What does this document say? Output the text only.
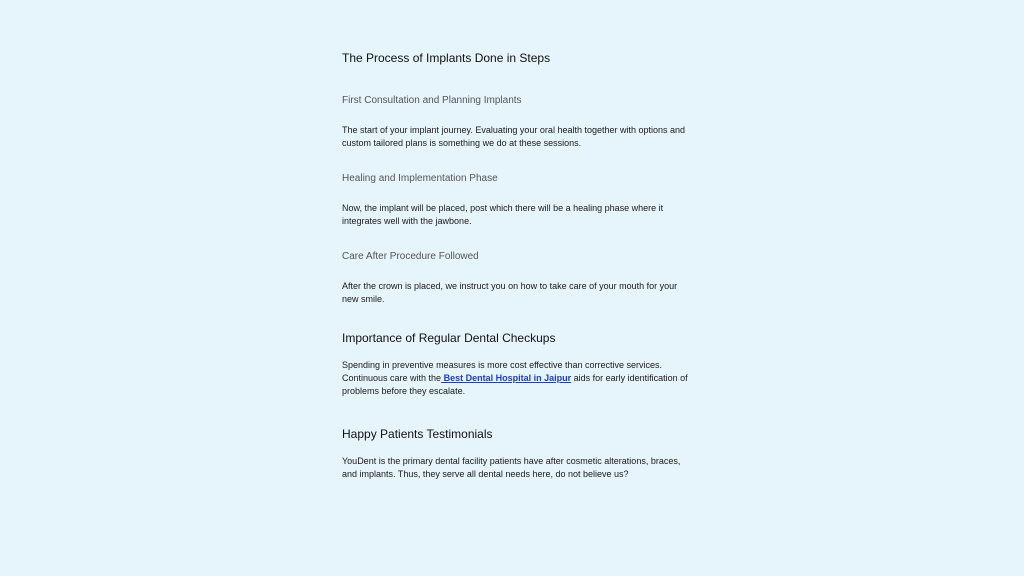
The Process of Implants Done in Steps
First Consultation and Planning Implants
The start of your implant journey. Evaluating your oral health together with options and custom tailored plans is something we do at these sessions.
Healing and Implementation Phase
Now, the implant will be placed, post which there will be a healing phase where it integrates well with the jawbone.
Care After Procedure Followed
After the crown is placed, we instruct you on how to take care of your mouth for your new smile.
Importance of Regular Dental Checkups
Spending in preventive measures is more cost effective than corrective services. Continuous care with the Best Dental Hospital in Jaipur aids for early identification of problems before they escalate.
Happy Patients Testimonials
YouDent is the primary dental facility patients have after cosmetic alterations, braces, and implants. Thus, they serve all dental needs here, do not believe us?
